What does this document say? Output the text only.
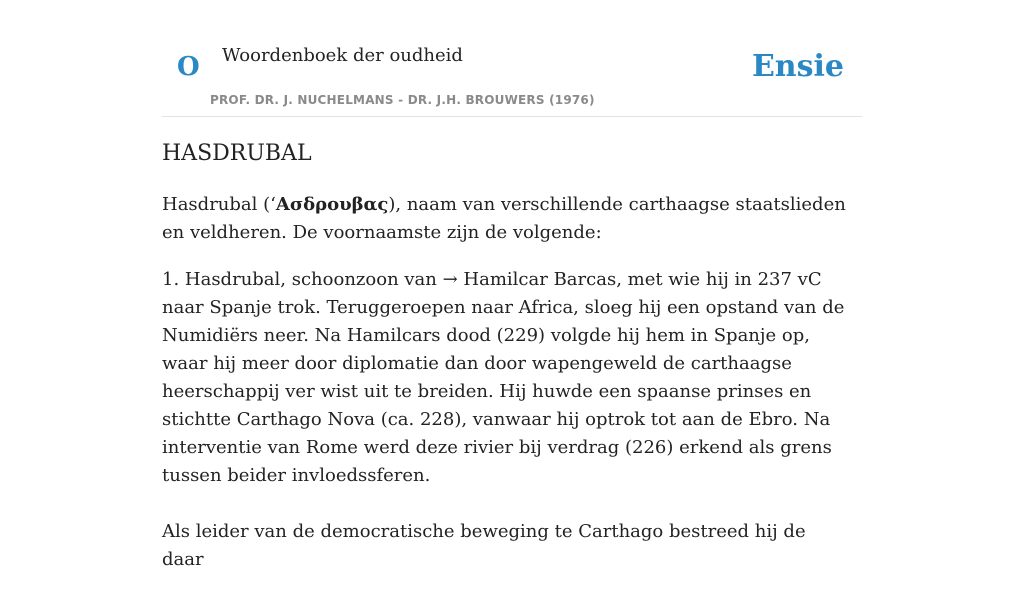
O Woordenboek der oudheid
PROF. DR. J. NUCHELMANS - DR. J.H. BROUWERS (1976)
Ensie
HASDRUBAL

Hasdrubal (‘Ασδρουβας), naam van verschillende carthaagse staatslieden en veldheren. De voornaamste zijn de volgende:

1. Hasdrubal, schoonzoon van → Hamilcar Barcas, met wie hij in 237 vC naar Spanje trok. Teruggeroepen naar Africa, sloeg hij een opstand van de Numidiërs neer. Na Hamilcars dood (229) volgde hij hem in Spanje op, waar hij meer door diplomatie dan door wapengeweld de carthaagse heerschappij ver wist uit te breiden. Hij huwde een spaanse prinses en stichtte Carthago Nova (ca. 228), vanwaar hij optrok tot aan de Ebro. Na interventie van Rome werd deze rivier bij verdrag (226) erkend als grens tussen beider invloedssferen.

Als leider van de democratische beweging te Carthago bestreed hij de daar
